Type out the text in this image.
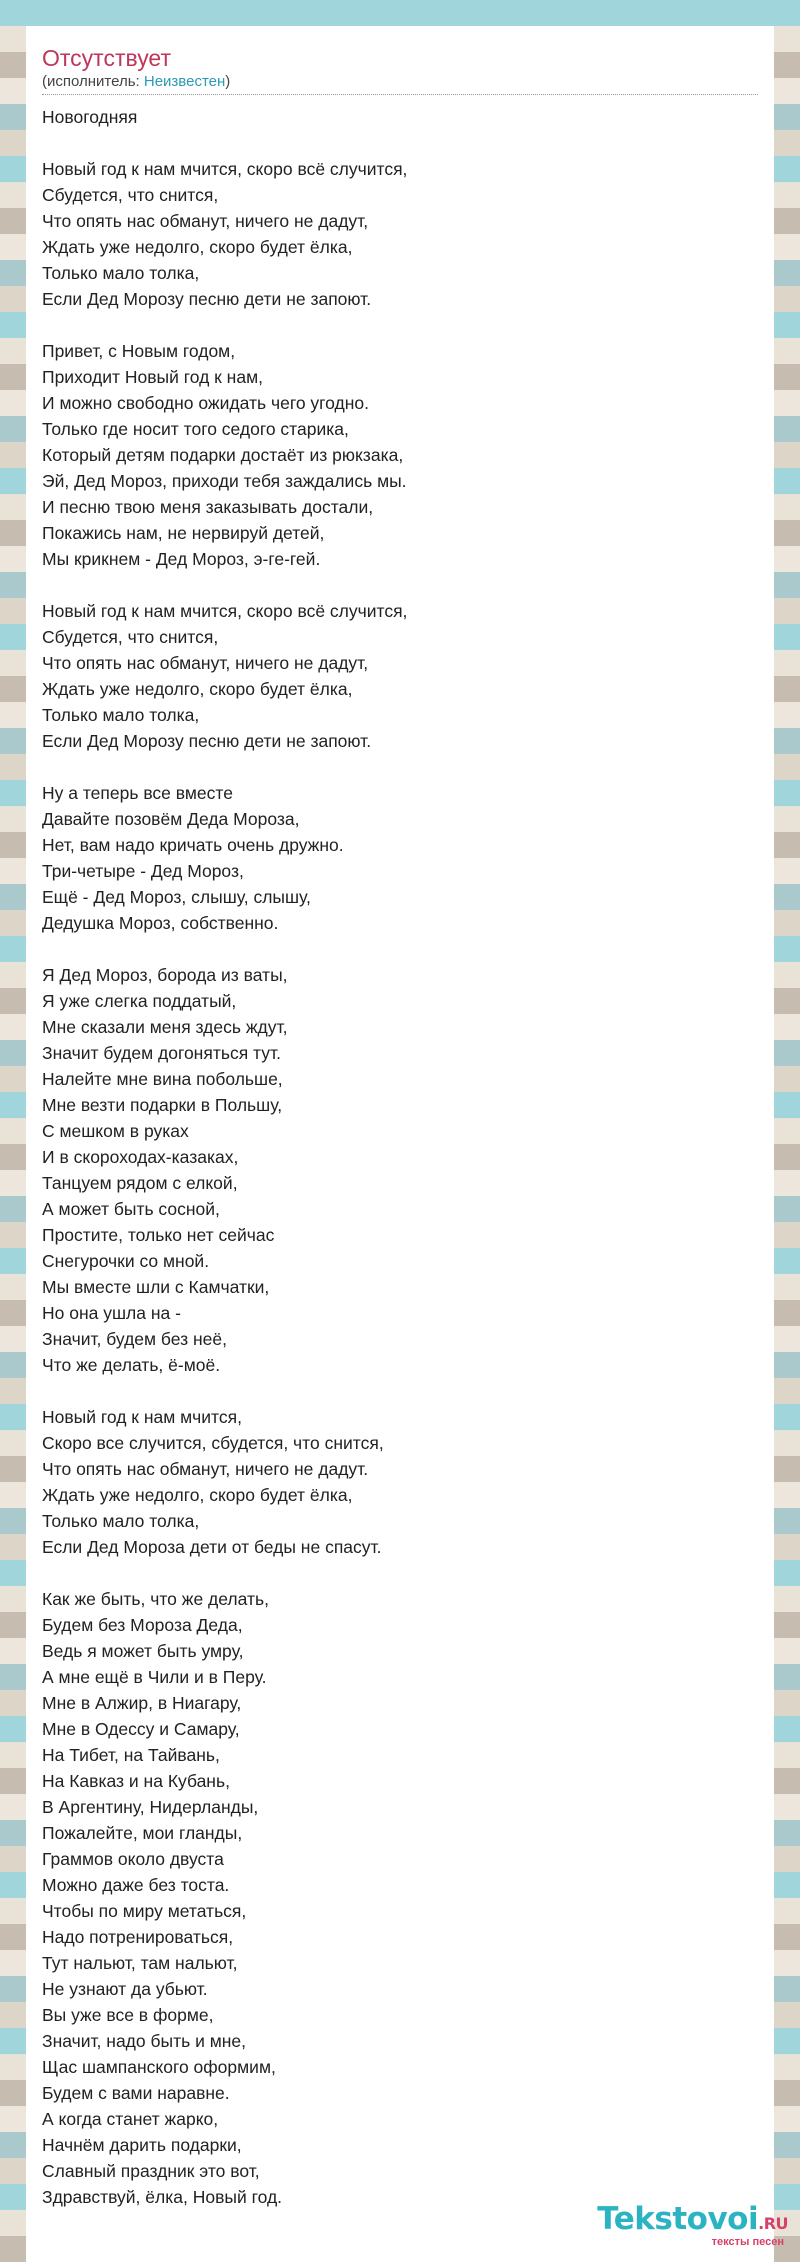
Отсутствует
(исполнитель: Неизвестен)
Новогодняя

Новый год к нам мчится, скоро всё случится,
Сбудется, что снится,
Что опять нас обманут, ничего не дадут,
Ждать уже недолго, скоро будет ёлка,
Только мало толка,
Если Дед Морозу песню дети не запоют.

Привет, с Новым годом,
Приходит Новый год к нам,
И можно свободно ожидать чего угодно.
Только где носит того седого старика,
Который детям подарки достаёт из рюкзака,
Эй, Дед Мороз, приходи тебя заждались мы.
И песню твою меня заказывать достали,
Покажись нам, не нервируй детей,
Мы крикнем - Дед Мороз, э-ге-гей.

Новый год к нам мчится, скоро всё случится,
Сбудется, что снится,
Что опять нас обманут, ничего не дадут,
Ждать уже недолго, скоро будет ёлка,
Только мало толка,
Если Дед Морозу песню дети не запоют.

Ну а теперь все вместе
Давайте позовём Деда Мороза,
Нет, вам надо кричать очень дружно.
Три-четыре - Дед Мороз,
Ещё - Дед Мороз, слышу, слышу,
Дедушка Мороз, собственно.

Я Дед Мороз, борода из ваты,
Я уже слегка поддатый,
Мне сказали меня здесь ждут,
Значит будем догоняться тут.
Налейте мне вина побольше,
Мне везти подарки в Польшу,
С мешком в руках
И в скороходах-казаках,
Танцуем рядом с елкой,
А может быть сосной,
Простите, только нет сейчас
Снегурочки со мной.
Мы вместе шли с Камчатки,
Но она ушла на -
Значит, будем без неё,
Что же делать, ё-моё.

Новый год к нам мчится,
Скоро все случится, сбудется, что снится,
Что опять нас обманут, ничего не дадут.
Ждать уже недолго, скоро будет ёлка,
Только мало толка,
Если Дед Мороза дети от беды не спасут.

Как же быть, что же делать,
Будем без Мороза Деда,
Ведь я может быть умру,
А мне ещё в Чили и в Перу.
Мне в Алжир, в Ниагару,
Мне в Одессу и Самару,
На Тибет, на Тайвань,
На Кавказ и на Кубань,
В Аргентину, Нидерланды,
Пожалейте, мои гланды,
Граммов около двуста
Можно даже без тоста.
Чтобы по миру метаться,
Надо потренироваться,
Тут нальют, там нальют,
Не узнают да убьют.
Вы уже все в форме,
Значит, надо быть и мне,
Щас шампанского оформим,
Будем с вами наравне.
А когда станет жарко,
Начнём дарить подарки,
Славный праздник это вот,
Здравствуй, ёлка, Новый год.
Tekstovoi.RU
тексты песен
